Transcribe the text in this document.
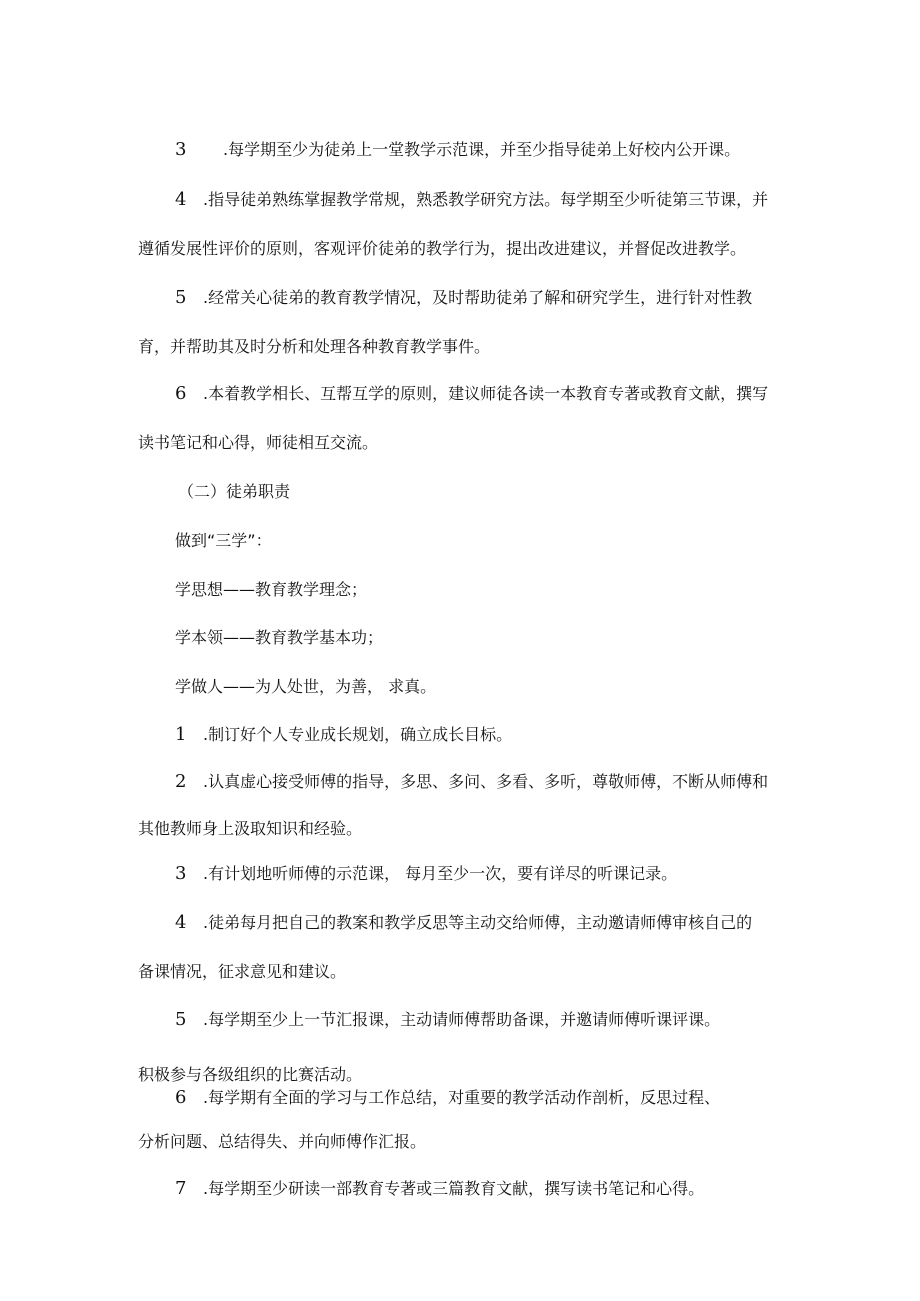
3 .每学期至少为徒弟上一堂教学示范课，并至少指导徒弟上好校内公开课。
4 .指导徒弟熟练掌握教学常规，熟悉教学研究方法。每学期至少听徒第三节课，并
遵循发展性评价的原则，客观评价徒弟的教学行为，提出改进建议，并督促改进教学。
5 .经常关心徒弟的教育教学情况，及时帮助徒弟了解和研究学生，进行针对性教
育，并帮助其及时分析和处理各种教育教学事件。
6 .本着教学相长、互帮互学的原则，建议师徒各读一本教育专著或教育文献，撰写
读书笔记和心得，师徒相互交流。
（二）徒弟职责
做到“三学”：
学思想——教育教学理念；
学本领——教育教学基本功；
学做人——为人处世，为善， 求真。
1 .制订好个人专业成长规划，确立成长目标。
2 .认真虚心接受师傅的指导，多思、多问、多看、多听，尊敬师傅，不断从师傅和
其他教师身上汲取知识和经验。
3 .有计划地听师傅的示范课， 每月至少一次，要有详尽的听课记录。
4 .徒弟每月把自己的教案和教学反思等主动交给师傅，主动邀请师傅审核自己的
备课情况，征求意见和建议。
5 .每学期至少上一节汇报课，主动请师傅帮助备课，并邀请师傅听课评课。
积极参与各级组织的比赛活动。
6 .每学期有全面的学习与工作总结，对重要的教学活动作剖析，反思过程、
分析问题、总结得失、并向师傅作汇报。
7 .每学期至少研读一部教育专著或三篇教育文献，撰写读书笔记和心得。
